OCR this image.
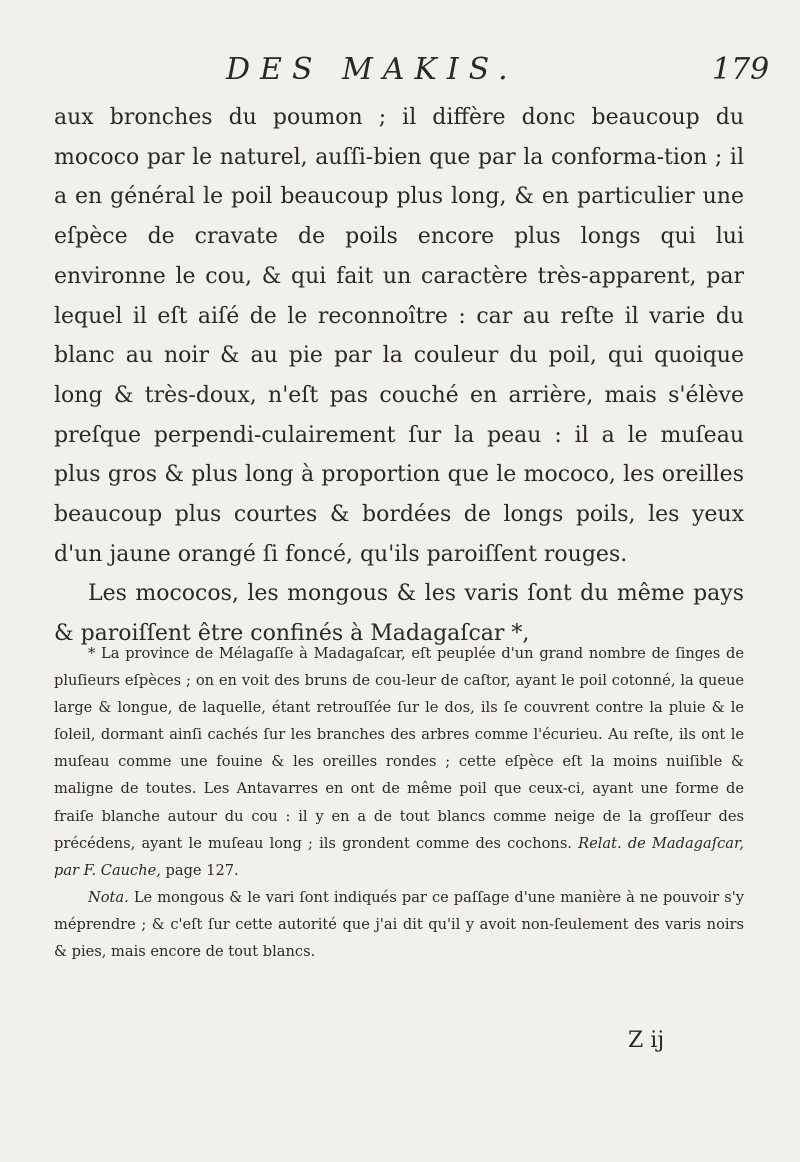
DES MAKIS.	179

aux bronches du poumon ; il diffère donc beaucoup du mococo par le naturel, auſſi-bien que par la conforma-tion ; il a en général le poil beaucoup plus long, & en particulier une eſpèce de cravate de poils encore plus longs qui lui environne le cou, & qui fait un caractère très-apparent, par lequel il eſt aiſé de le reconnoître : car au reſte il varie du blanc au noir & au pie par la couleur du poil, qui quoique long & très-doux, n'eſt pas couché en arrière, mais s'élève preſque perpendi-culairement ſur la peau : il a le muſeau plus gros & plus long à proportion que le mococo, les oreilles beaucoup plus courtes & bordées de longs poils, les yeux d'un jaune orangé ſi foncé, qu'ils paroiſſent rouges.

Les mococos, les mongous & les varis ſont du même pays & paroiſſent être confinés à Madagaſcar *,

* La province de Mélagaſſe à Madagaſcar, eſt peuplée d'un grand nombre de ſinges de pluſieurs eſpèces ; on en voit des bruns de cou-leur de caſtor, ayant le poil cotonné, la queue large & longue, de laquelle, étant retrouſſée ſur le dos, ils ſe couvrent contre la pluie & le ſoleil, dormant ainſi cachés ſur les branches des arbres comme l'écurieu. Au reſte, ils ont le muſeau comme une fouine & les oreilles rondes ; cette eſpèce eſt la moins nuiſible & maligne de toutes. Les Antavarres en ont de même poil que ceux-ci, ayant une forme de fraiſe blanche autour du cou : il y en a de tout blancs comme neige de la groſſeur des précédens, ayant le muſeau long ; ils grondent comme des cochons. Relat. de Madagaſcar, par F. Cauche, page 127.

Nota. Le mongous & le vari ſont indiqués par ce paſſage d'une manière à ne pouvoir s'y méprendre ; & c'eſt ſur cette autorité que j'ai dit qu'il y avoit non-ſeulement des varis noirs & pies, mais encore de tout blancs.

Z ij
